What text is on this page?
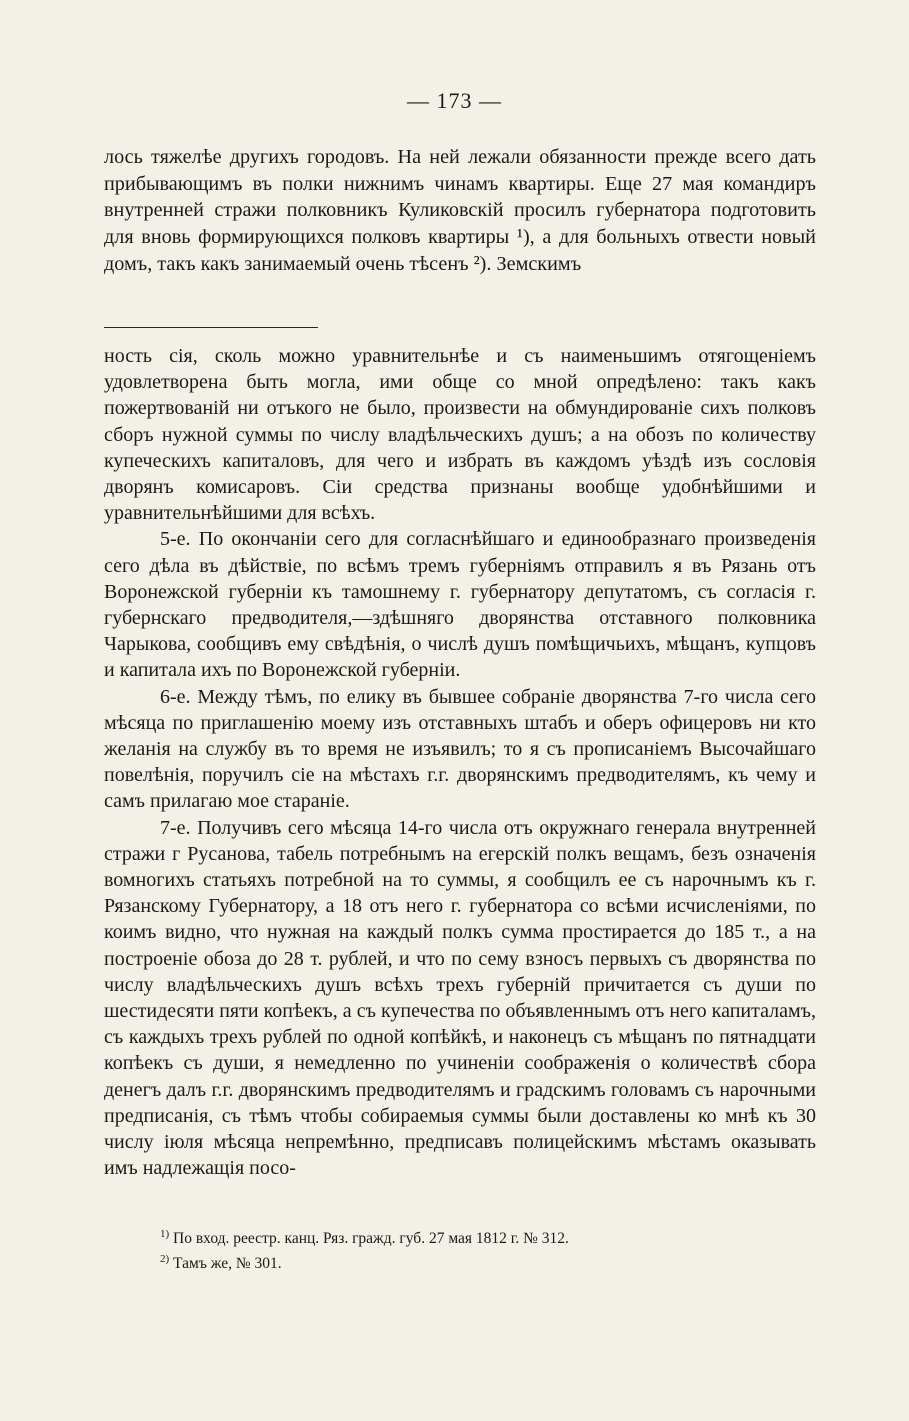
— 173 —

лось тяжелѣе другихъ городовъ. На ней лежали обязанности прежде всего дать прибывающимъ въ полки нижнимъ чинамъ квартиры. Еще 27 мая командиръ внутренней стражи полковникъ Куликовскій просилъ губернатора подготовить для вновь формирующихся полковъ квартиры ¹), а для больныхъ отвести новый домъ, такъ какъ занимаемый очень тѣсенъ ²). Земскимъ

ность сія, сколь можно уравнительнѣе и съ наименьшимъ отягощеніемъ удовлетворена быть могла, ими обще со мной опредѣлено: такъ какъ пожертвованій ни отъкого не было, произвести на обмундированіе сихъ полковъ сборъ нужной суммы по числу владѣльческихъ душъ; а на обозъ по количеству купеческихъ капиталовъ, для чего и избрать въ каждомъ уѣздѣ изъ сословія дворянъ комисаровъ. Сіи средства признаны вообще удобнѣйшими и уравнительнѣйшими для всѣхъ.

5-е. По окончаніи сего для согласнѣйшаго и единообразнаго произведенія сего дѣла въ дѣйствіе, по всѣмъ тремъ губерніямъ отправилъ я въ Рязань отъ Воронежской губерніи къ тамошнему г. губернатору депутатомъ, съ согласія г. губернскаго предводителя,—здѣшняго дворянства отставного полковника Чарыкова, сообщивъ ему свѣдѣнія, о числѣ душъ помѣщичьихъ, мѣщанъ, купцовъ и капитала ихъ по Воронежской губерніи.

6-е. Между тѣмъ, по елику въ бывшее собраніе дворянства 7-го числа сего мѣсяца по приглашенію моему изъ отставныхъ штабъ и оберъ офицеровъ ни кто желанія на службу въ то время не изъявилъ; то я съ прописаніемъ Высочайшаго повелѣнія, поручилъ сіе на мѣстахъ г.г. дворянскимъ предводителямъ, къ чему и самъ прилагаю мое стараніе.

7-е. Получивъ сего мѣсяца 14-го числа отъ окружнаго генерала внутренней стражи г Русанова, табель потребнымъ на егерскій полкъ вещамъ, безъ означенія вомногихъ статьяхъ потребной на то суммы, я сообщилъ ее съ нарочнымъ къ г. Рязанскому Губернатору, а 18 отъ него г. губернатора со всѣми исчисленіями, по коимъ видно, что нужная на каждый полкъ сумма простирается до 185 т., а на построеніе обоза до 28 т. рублей, и что по сему взносъ первыхъ съ дворянства по числу владѣльческихъ душъ всѣхъ трехъ губерній причитается съ души по шестидесяти пяти копѣекъ, а съ купечества по объявленнымъ отъ него капиталамъ, съ каждыхъ трехъ рублей по одной копѣйкѣ, и наконецъ съ мѣщанъ по пятнадцати копѣекъ съ души, я немедленно по учиненіи соображенія о количествѣ сбора денегъ далъ г.г. дворянскимъ предводителямъ и градскимъ головамъ съ нарочными предписанія, съ тѣмъ чтобы собираемыя суммы были доставлены ко мнѣ къ 30 числу іюля мѣсяца непремѣнно, предписавъ полицейскимъ мѣстамъ оказывать имъ надлежащія посо-

$^{1)}$ По вход. реестр. канц. Ряз. гражд. губ. 27 мая 1812 г. № 312.

$^{2)}$ Тамъ же, № 301.
